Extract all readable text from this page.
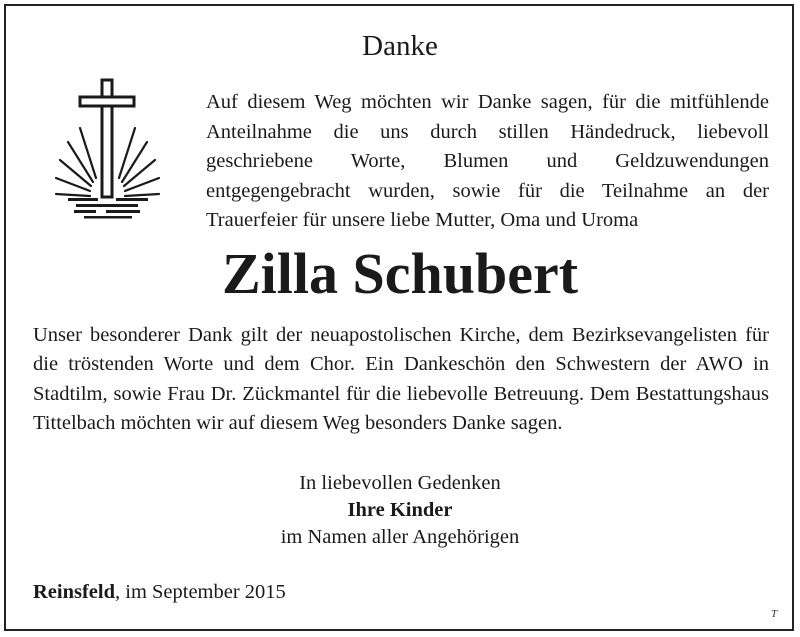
Danke

Auf diesem Weg möchten wir Danke sagen, für die mitfühlende Anteilnahme die uns durch stillen Händedruck, liebevoll geschriebene Worte, Blumen und Geldzuwendungen entgegengebracht wurden, sowie für die Teilnahme an der Trauerfeier für unsere liebe Mutter, Oma und Uroma

Zilla Schubert

Unser besonderer Dank gilt der neuapostolischen Kirche, dem Bezirksevangelisten für die tröstenden Worte und dem Chor. Ein Dankeschön den Schwestern der AWO in Stadtilm, sowie Frau Dr. Zückmantel für die liebevolle Betreuung. Dem Bestattungshaus Tittelbach möchten wir auf diesem Weg besonders Danke sagen.

In liebevollen Gedenken
Ihre Kinder
im Namen aller Angehörigen
Reinsfeld, im September 2015
T
